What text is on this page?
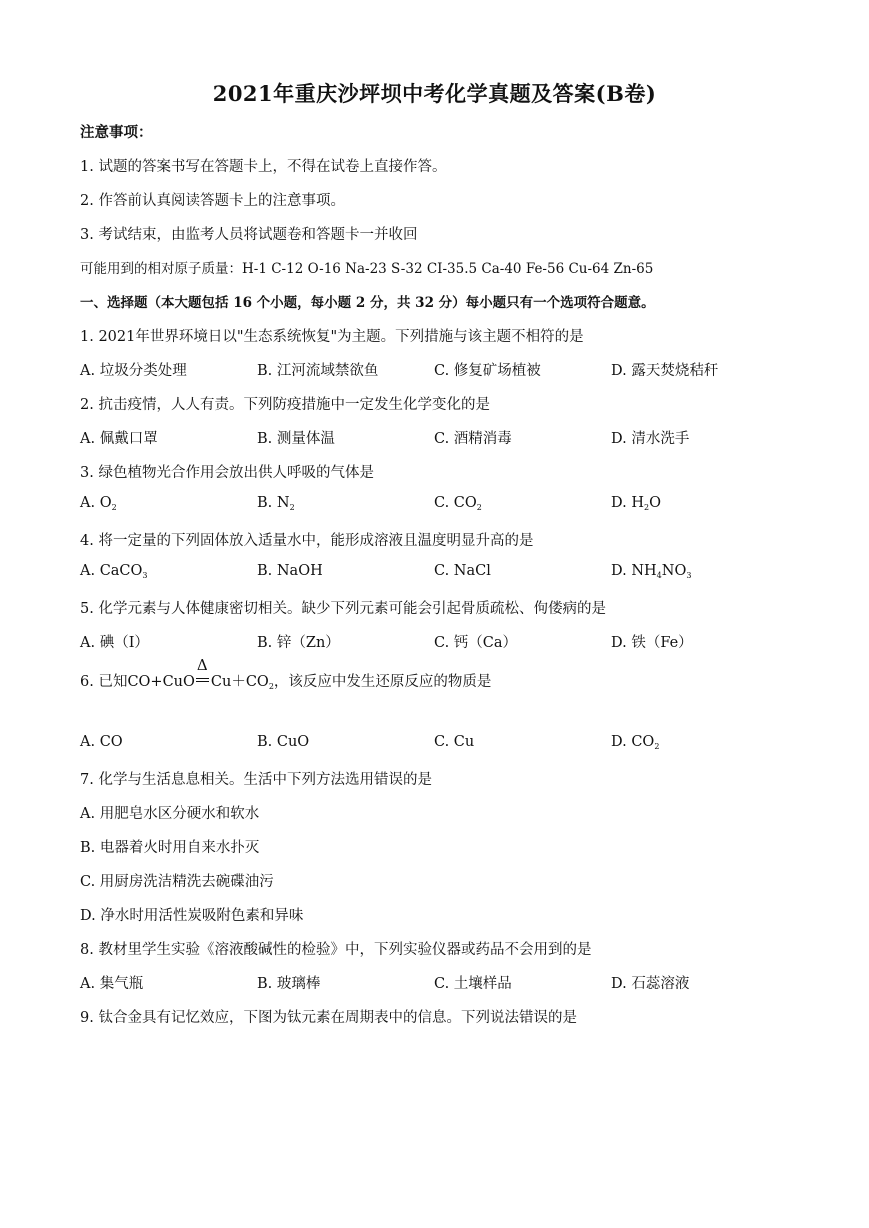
2021年重庆沙坪坝中考化学真题及答案(B卷)
注意事项：
1. 试题的答案书写在答题卡上，不得在试卷上直接作答。
2. 作答前认真阅读答题卡上的注意事项。
3. 考试结束，由监考人员将试题卷和答题卡一并收回
可能用到的相对原子质量：H-1 C-12 O-16 Na-23 S-32 CI-35.5 Ca-40 Fe-56 Cu-64 Zn-65
一、选择题（本大题包括 16 个小题，每小题 2 分，共 32 分）每小题只有一个选项符合题意。
1. 2021年世界环境日以"生态系统恢复"为主题。下列措施与该主题不相符的是
A. 垃圾分类处理	B. 江河流域禁欲鱼	C. 修复矿场植被	D. 露天焚烧秸秆
2. 抗击疫情，人人有责。下列防疫措施中一定发生化学变化的是
A. 佩戴口罩	B. 测量体温	C. 酒精消毒	D. 清水洗手
3. 绿色植物光合作用会放出供人呼吸的气体是
A. $O_2$	B. $N_2$	C. $CO_2$	D. $H_2O$
4. 将一定量的下列固体放入适量水中，能形成溶液且温度明显升高的是
A. CaCO$_3$	B. NaOH	C. NaCl	D. $NH_4NO_3$
5. 化学元素与人体健康密切相关。缺少下列元素可能会引起骨质疏松、佝偻病的是
A. 碘（I）	B. 锌（Zn）	C. 钙（Ca）	D. 铁（Fe）
6. 已知CO+CuO
Δ
$Cu+CO_2$，该反应中发生还原反应的物质是
A. CO	B. CuO	C. Cu	D. $CO_2$
7. 化学与生活息息相关。生活中下列方法选用错误的是
A. 用肥皂水区分硬水和软水
B. 电器着火时用自来水扑灭
C. 用厨房洗洁精洗去碗碟油污
D. 净水时用活性炭吸附色素和异味
8. 教材里学生实验《溶液酸碱性的检验》中，下列实验仪器或药品不会用到的是
A. 集气瓶	B. 玻璃棒	C. 土壤样品	D. 石蕊溶液
9. 钛合金具有记忆效应，下图为钛元素在周期表中的信息。下列说法错误的是
